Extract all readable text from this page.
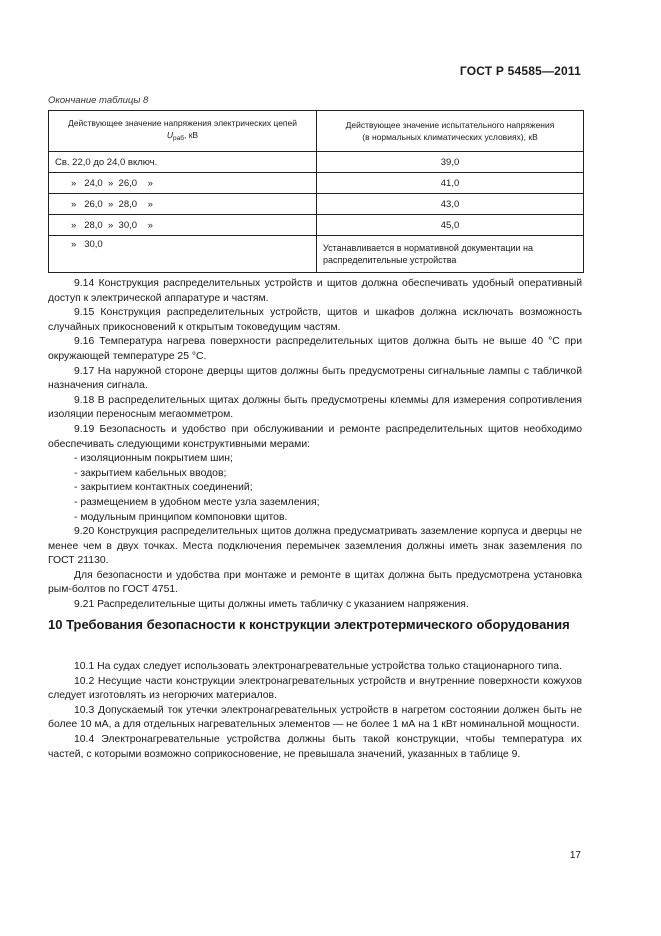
ГОСТ Р 54585—2011
Окончание таблицы 8
Действующее значение напряжения электрических цепей
$U_{раб}$, кВ	Действующее значение испытательного напряжения
(в нормальных климатических условиях), кВ
Св. 22,0 до 24,0 включ.	39,0
»   24,0  »  26,0    »	41,0
»   26,0  »  28,0    »	43,0
»   28,0  »  30,0    »	45,0
»   30,0	Устанавливается в нормативной документации на распределительные устройства

9.14 Конструкция распределительных устройств и щитов должна обеспечивать удобный оперативный доступ к электрической аппаратуре и частям.

9.15 Конструкция распределительных устройств, щитов и шкафов должна исключать возможность случайных прикосновений к открытым токоведущим частям.

9.16 Температура нагрева поверхности распределительных щитов должна быть не выше 40 °С при окружающей температуре 25 °С.

9.17 На наружной стороне дверцы щитов должны быть предусмотрены сигнальные лампы с табличкой назначения сигнала.

9.18 В распределительных щитах должны быть предусмотрены клеммы для измерения сопротивления изоляции переносным мегаомметром.

9.19 Безопасность и удобство при обслуживании и ремонте распределительных щитов необходимо обеспечивать следующими конструктивными мерами:

- изоляционным покрытием шин;

- закрытием кабельных вводов;

- закрытием контактных соединений;

- размещением в удобном месте узла заземления;

- модульным принципом компоновки щитов.

9.20 Конструкция распределительных щитов должна предусматривать заземление корпуса и дверцы не менее чем в двух точках. Места подключения перемычек заземления должны иметь знак заземления по ГОСТ 21130.

Для безопасности и удобства при монтаже и ремонте в щитах должна быть предусмотрена установка рым-болтов по ГОСТ 4751.

9.21 Распределительные щиты должны иметь табличку с указанием напряжения.

10 Требования безопасности к конструкции электротермического оборудования

10.1 На судах следует использовать электронагревательные устройства только стационарного типа.

10.2 Несущие части конструкции электронагревательных устройств и внутренние поверхности кожухов следует изготовлять из негорючих материалов.

10.3 Допускаемый ток утечки электронагревательных устройств в нагретом состоянии должен быть не более 10 мА, а для отдельных нагревательных элементов — не более 1 мА на 1 кВт номинальной мощности.

10.4 Электронагревательные устройства должны быть такой конструкции, чтобы температура их частей, с которыми возможно соприкосновение, не превышала значений, указанных в таблице 9.

17
